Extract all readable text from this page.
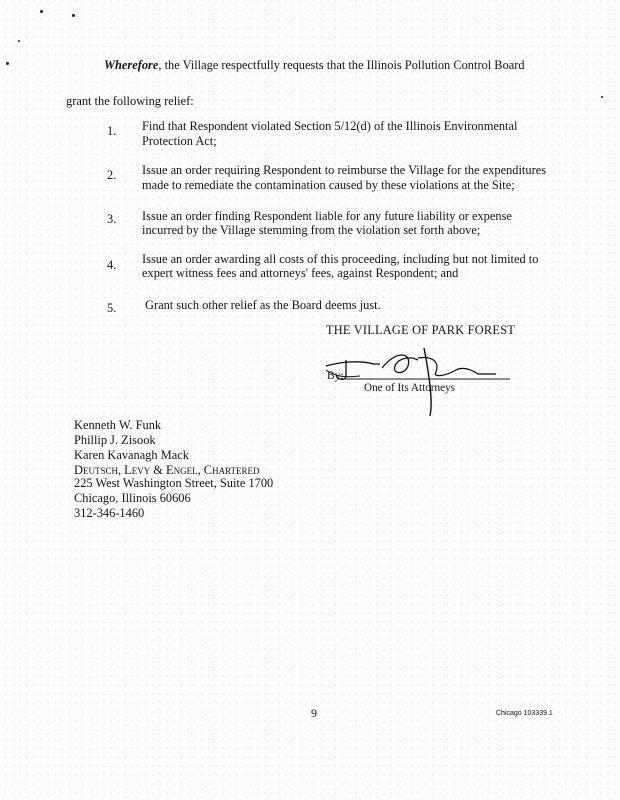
Wherefore, the Village respectfully requests that the Illinois Pollution Control Board
grant the following relief:
1. Find that Respondent violated Section 5/12(d) of the Illinois Environmental
Protection Act;
2. Issue an order requiring Respondent to reimburse the Village for the expenditures
made to remediate the contamination caused by these violations at the Site;
3. Issue an order finding Respondent liable for any future liability or expense
incurred by the Village stemming from the violation set forth above;
4. Issue an order awarding all costs of this proceeding, including but not limited to
expert witness fees and attorneys' fees, against Respondent; and
5. Grant such other relief as the Board deems just.
THE VILLAGE OF PARK FOREST
By:
One of Its Attorneys
Kenneth W. Funk
Phillip J. Zisook
Karen Kavanagh Mack
Deutsch, Levy & Engel, Chartered
225 West Washington Street, Suite 1700
Chicago, Illinois 60606
312-346-1460
9	Chicago 103339.1
